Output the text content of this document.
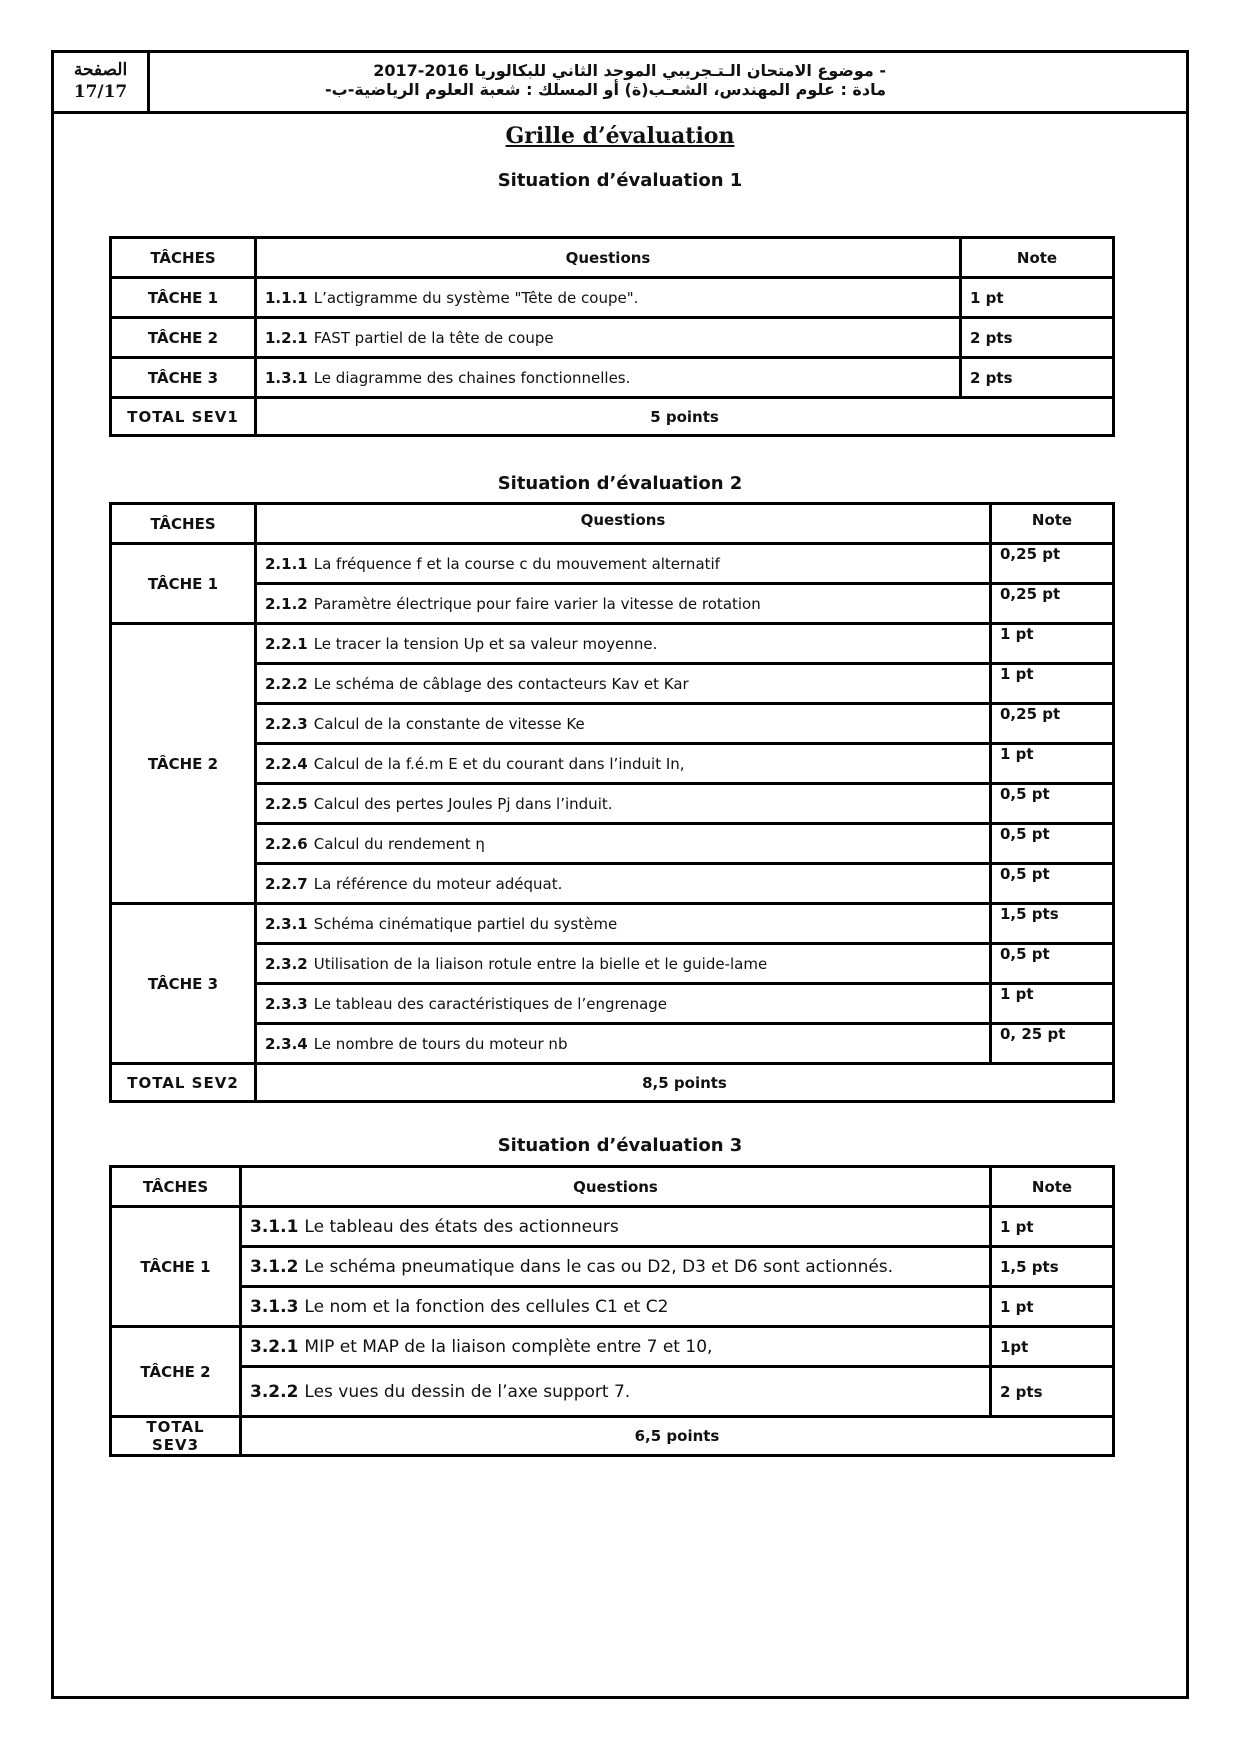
الصفحة
17/17
- موضوع الامتحان الـتـجريبي الموحد الثاني للبكالوريا 2016-2017
مادة : علوم المهندس، الشعـب(ة) أو المسلك : شعبة العلوم الرياضية-ب-
Grille d’évaluation
Situation d’évaluation 1
TÂCHES	Questions	Note
TÂCHE 1	1.1.1 L’actigramme du système "Tête de coupe".	1 pt
TÂCHE 2	1.2.1 FAST partiel de la tête de coupe	2 pts
TÂCHE 3	1.3.1 Le diagramme des chaines fonctionnelles.	2 pts
TOTAL SEV1	5 points	
Situation d’évaluation 2
TÂCHES	Questions	Note
TÂCHE 1	2.1.1 La fréquence f et la course c du mouvement alternatif	0,25 pt
	2.1.2 Paramètre électrique pour faire varier la vitesse de rotation	0,25 pt
TÂCHE 2	2.2.1 Le tracer la tension Up et sa valeur moyenne.	1 pt
	2.2.2 Le schéma de câblage des contacteurs Kav et Kar	1 pt
	2.2.3 Calcul de la constante de vitesse Ke	0,25 pt
	2.2.4 Calcul de la f.é.m E et du courant dans l’induit In,	1 pt
	2.2.5 Calcul des pertes Joules Pj dans l’induit.	0,5 pt
	2.2.6 Calcul du rendement η	0,5 pt
	2.2.7 La référence du moteur adéquat.	0,5 pt
TÂCHE 3	2.3.1 Schéma cinématique partiel du système	1,5 pts
	2.3.2 Utilisation de la liaison rotule entre la bielle et le guide-lame	0,5 pt
	2.3.3 Le tableau des caractéristiques de l’engrenage	1 pt
	2.3.4 Le nombre de tours du moteur nb	0, 25 pt
TOTAL SEV2	8,5 points	
Situation d’évaluation 3
TÂCHES	Questions	Note
TÂCHE 1	3.1.1 Le tableau des états des actionneurs	1 pt
	3.1.2 Le schéma pneumatique dans le cas ou D2, D3 et D6 sont actionnés.	1,5 pts
	3.1.3 Le nom et la fonction des cellules C1 et C2	1 pt
TÂCHE 2	3.2.1 MIP et MAP de la liaison complète entre 7 et 10,	1pt
	3.2.2 Les vues du dessin de l’axe support 7.	2 pts
TOTAL SEV3	6,5 points	
